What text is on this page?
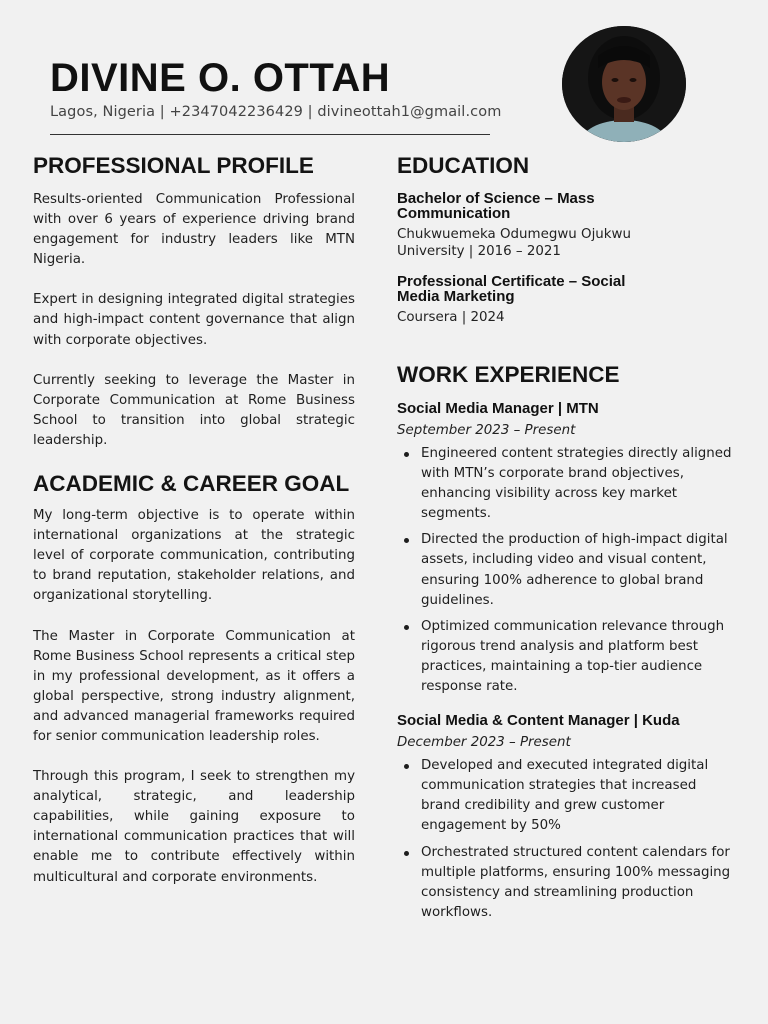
DIVINE O. OTTAH
Lagos, Nigeria | +2347042236429 | divineottah1@gmail.com
PROFESSIONAL PROFILE

Results-oriented Communication Professional with over 6 years of experience driving brand engagement for industry leaders like MTN Nigeria.

Expert in designing integrated digital strategies and high-impact content governance that align with corporate objectives.

Currently seeking to leverage the Master in Corporate Communication at Rome Business School to transition into global strategic leadership.

ACADEMIC & CAREER GOAL

My long-term objective is to operate within international organizations at the strategic level of corporate communication, contributing to brand reputation, stakeholder relations, and organizational storytelling.

The Master in Corporate Communication at Rome Business School represents a critical step in my professional development, as it offers a global perspective, strong industry alignment, and advanced managerial frameworks required for senior communication leadership roles.

Through this program, I seek to strengthen my analytical, strategic, and leadership capabilities, while gaining exposure to international communication practices that will enable me to contribute effectively within multicultural and corporate environments.

EDUCATION

Bachelor of Science – Mass

Communication

Chukwuemeka Odumegwu Ojukwu

University | 2016 – 2021

Professional Certificate – Social

Media Marketing

Coursera | 2024

WORK EXPERIENCE

Social Media Manager | MTN

September 2023 – Present

Engineered content strategies directly aligned with MTN’s corporate brand objectives, enhancing visibility across key market segments.
Directed the production of high-impact digital assets, including video and visual content, ensuring 100% adherence to global brand guidelines.
Optimized communication relevance through rigorous trend analysis and platform best practices, maintaining a top-tier audience response rate.

Social Media & Content Manager | Kuda

December 2023 – Present

Developed and executed integrated digital communication strategies that increased brand credibility and grew customer engagement by 50%
Orchestrated structured content calendars for multiple platforms, ensuring 100% messaging consistency and streamlining production workflows.
